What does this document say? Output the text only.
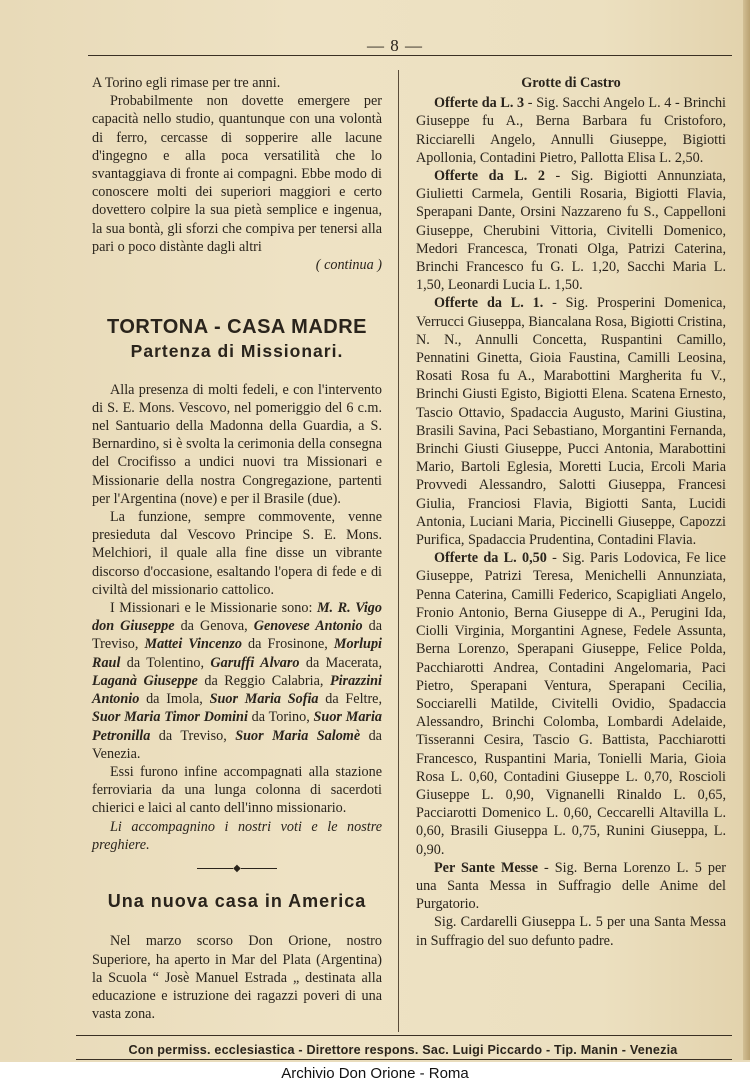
— 8 —

A Torino egli rimase per tre anni.

Probabilmente non dovette emergere per capacità nello studio, quantunque con una volontà di ferro, cercasse di sopperire alle lacune d'ingegno e alla poca versatilità che lo svantaggiava di fronte ai compagni. Ebbe modo di conoscere molti dei superiori maggiori e certo dovettero colpire la sua pietà semplice e ingenua, la sua bontà, gli sforzi che compiva per tenersi alla pari o poco distànte dagli altri

( continua )

TORTONA - CASA MADRE
Partenza di Missionari.

Alla presenza di molti fedeli, e con l'intervento di S. E. Mons. Vescovo, nel pomeriggio del 6 c.m. nel Santuario della Madonna della Guardia, a S. Bernardino, si è svolta la cerimonia della consegna del Crocifisso a undici nuovi tra Missionari e Missionarie della nostra Congregazione, partenti per l'Argentina (nove) e per il Brasile (due).

La funzione, sempre commovente, venne presieduta dal Vescovo Principe S. E. Mons. Melchiori, il quale alla fine disse un vibrante discorso d'occasione, esaltando l'opera di fede e di civiltà del missionario cattolico.

I Missionari e le Missionarie sono: M. R. Vigo don Giuseppe da Genova, Genovese Antonio da Treviso, Mattei Vincenzo da Frosinone, Morlupi Raul da Tolentino, Garuffi Alvaro da Macerata, Laganà Giuseppe da Reggio Calabria, Pirazzini Antonio da Imola, Suor Maria Sofia da Feltre, Suor Maria Timor Domini da Torino, Suor Maria Petronilla da Treviso, Suor Maria Salomè da Venezia.

Essi furono infine accompagnati alla stazione ferroviaria da una lunga colonna di sacerdoti chierici e laici al canto dell'inno missionario.

Li accompagnino i nostri voti e le nostre preghiere.

◆
Una nuova casa in America

Nel marzo scorso Don Orione, nostro Superiore, ha aperto in Mar del Plata (Argentina) la Scuola “ Josè Manuel Estrada „ destinata alla educazione e istruzione dei ragazzi poveri di una vasta zona.

Grotte di Castro

Offerte da L. 3 - Sig. Sacchi Angelo L. 4 - Brinchi Giuseppe fu A., Berna Barbara fu Cristoforo, Ricciarelli Angelo, Annulli Giuseppe, Bigiotti Apollonia, Contadini Pietro, Pallotta Elisa L. 2,50.

Offerte da L. 2 - Sig. Bigiotti Annunziata, Giulietti Carmela, Gentili Rosaria, Bigiotti Flavia, Sperapani Dante, Orsini Nazzareno fu S., Cappelloni Giuseppe, Cherubini Vittoria, Civitelli Domenico, Medori Francesca, Tronati Olga, Patrizi Caterina, Brinchi Francesco fu G. L. 1,20, Sacchi Maria L. 1,50, Leonardi Lucia L. 1,50.

Offerte da L. 1. - Sig. Prosperini Domenica, Verrucci Giuseppa, Biancalana Rosa, Bigiotti Cristina, N. N., Annulli Concetta, Ruspantini Camillo, Pennatini Ginetta, Gioia Faustina, Camilli Leosina, Rosati Rosa fu A., Marabottini Margherita fu V., Brinchi Giusti Egisto, Bigiotti Elena. Scatena Ernesto, Tascio Ottavio, Spadaccia Augusto, Marini Giustina, Brasili Savina, Paci Sebastiano, Morgantini Fernanda, Brinchi Giusti Giuseppe, Pucci Antonia, Marabottini Mario, Bartoli Eglesia, Moretti Lucia, Ercoli Maria Provvedi Alessandro, Salotti Giuseppa, Francesi Giulia, Franciosi Flavia, Bigiotti Santa, Lucidi Antonia, Luciani Maria, Piccinelli Giuseppe, Capozzi Purifica, Spadaccia Prudentina, Contadini Flavia.

Offerte da L. 0,50 - Sig. Paris Lodovica, Fe lice Giuseppe, Patrizi Teresa, Menichelli Annunziata, Penna Caterina, Camilli Federico, Scapigliati Angelo, Fronio Antonio, Berna Giuseppe di A., Perugini Ida, Ciolli Virginia, Morgantini Agnese, Fedele Assunta, Berna Lorenzo, Sperapani Giuseppe, Felice Polda, Pacchiarotti Andrea, Contadini Angelomaria, Paci Pietro, Sperapani Ventura, Sperapani Cecilia, Socciarelli Matilde, Civitelli Ovidio, Spadaccia Alessandro, Brinchi Colomba, Lombardi Adelaide, Tisseranni Cesira, Tascio G. Battista, Pacchiarotti Francesco, Ruspantini Maria, Tonielli Maria, Gioia Rosa L. 0,60, Contadini Giuseppe L. 0,70, Roscioli Giuseppe L. 0,90, Vignanelli Rinaldo L. 0,65, Pacciarotti Domenico L. 0,60, Ceccarelli Altavilla L. 0,60, Brasili Giuseppa L. 0,75, Runini Giuseppa, L. 0,90.

Per Sante Messe - Sig. Berna Lorenzo L. 5 per una Santa Messa in Suffragio delle Anime del Purgatorio.

Sig. Cardarelli Giuseppa L. 5 per una Santa Messa in Suffragio del suo defunto padre.

Con permiss. ecclesiastica - Direttore respons. Sac. Luigi Piccardo - Tip. Manin - Venezia
Archivio Don Orione - Roma
